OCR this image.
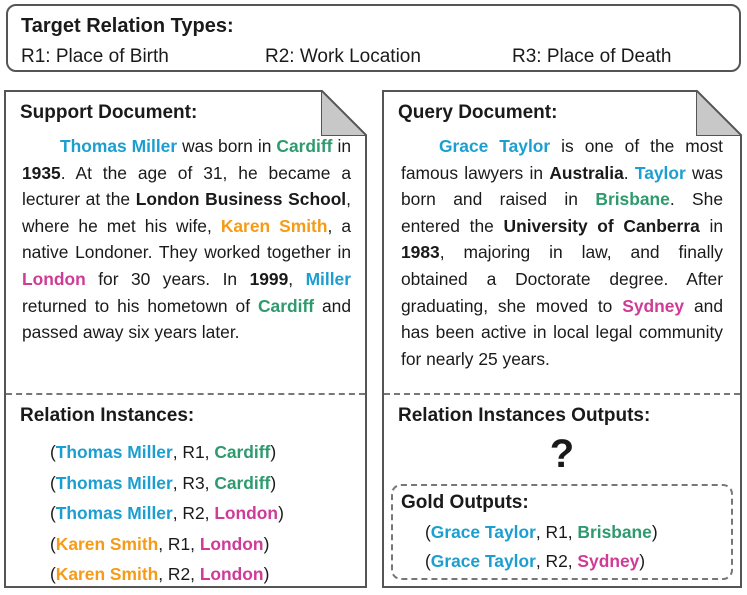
Target Relation Types:
R1: Place of Birth	R2: Work Location	R3: Place of Death
Support Document:
Thomas Miller was born in Cardiff in 1935. At the age of 31, he became a lecturer at the London Business School, where he met his wife, Karen Smith, a native Londoner. They worked together in London for 30 years. In 1999, Miller returned to his hometown of Cardiff and passed away six years later.
Relation Instances:
(Thomas Miller, R1, Cardiff)
(Thomas Miller, R3, Cardiff)
(Thomas Miller, R2, London)
(Karen Smith, R1, London)
(Karen Smith, R2, London)
Query Document:
Grace Taylor is one of the most famous lawyers in Australia. Taylor was born and raised in Brisbane. She entered the University of Canberra in 1983, majoring in law, and finally obtained a Doctorate degree. After graduating, she moved to Sydney and has been active in local legal community for nearly 25 years.
Relation Instances Outputs:
?
Gold Outputs:
(Grace Taylor, R1, Brisbane)
(Grace Taylor, R2, Sydney)
